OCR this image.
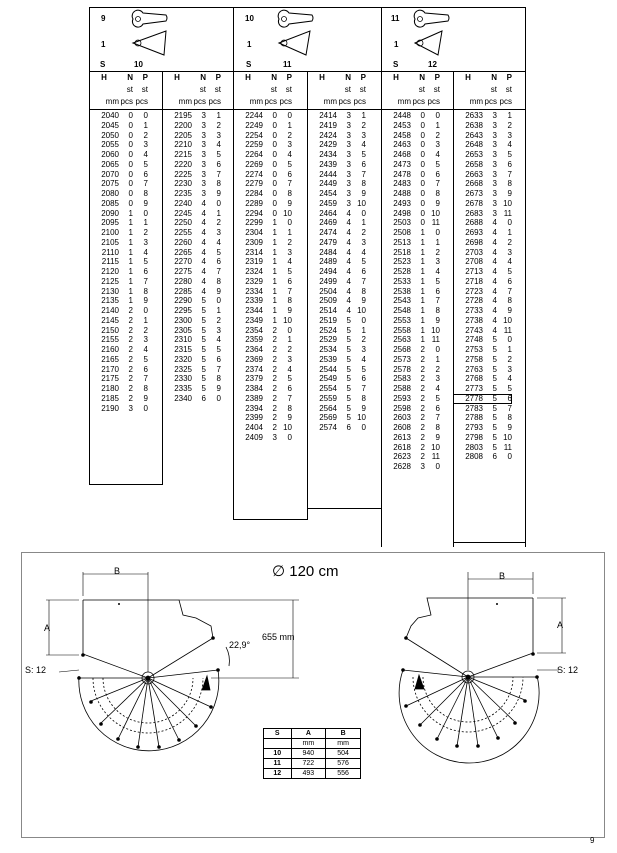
9
1
S	10
10
1
S	11
11
1
S	12
H	N P
st st
mm pcs pcs
H	N P
st st
mm pcs pcs
H	N P
st st
mm pcs pcs
H	N P
st st
mm pcs pcs
H	N P
st st
mm pcs pcs
H	N P
st st
mm pcs pcs
2040 0 0
2045 0 1
2050 0 2
2055 0 3
2060 0 4
2065 0 5
2070 0 6
2075 0 7
2080 0 8
2085 0 9
2090 1 0
2095 1 1
2100 1 2
2105 1 3
2110 1 4
2115 1 5
2120 1 6
2125 1 7
2130 1 8
2135 1 9
2140 2 0
2145 2 1
2150 2 2
2155 2 3
2160 2 4
2165 2 5
2170 2 6
2175 2 7
2180 2 8
2185 2 9
2190 3 0
2195 3 1
2200 3 2
2205 3 3
2210 3 4
2215 3 5
2220 3 6
2225 3 7
2230 3 8
2235 3 9
2240 4 0
2245 4 1
2250 4 2
2255 4 3
2260 4 4
2265 4 5
2270 4 6
2275 4 7
2280 4 8
2285 4 9
2290 5 0
2295 5 1
2300 5 2
2305 5 3
2310 5 4
2315 5 5
2320 5 6
2325 5 7
2330 5 8
2335 5 9
2340 6 0
2244 0 0
2249 0 1
2254 0 2
2259 0 3
2264 0 4
2269 0 5
2274 0 6
2279 0 7
2284 0 8
2289 0 9
2294 0 10
2299 1 0
2304 1 1
2309 1 2
2314 1 3
2319 1 4
2324 1 5
2329 1 6
2334 1 7
2339 1 8
2344 1 9
2349 1 10
2354 2 0
2359 2 1
2364 2 2
2369 2 3
2374 2 4
2379 2 5
2384 2 6
2389 2 7
2394 2 8
2399 2 9
2404 2 10
2409 3 0
2414 3 1
2419 3 2
2424 3 3
2429 3 4
2434 3 5
2439 3 6
2444 3 7
2449 3 8
2454 3 9
2459 3 10
2464 4 0
2469 4 1
2474 4 2
2479 4 3
2484 4 4
2489 4 5
2494 4 6
2499 4 7
2504 4 8
2509 4 9
2514 4 10
2519 5 0
2524 5 1
2529 5 2
2534 5 3
2539 5 4
2544 5 5
2549 5 6
2554 5 7
2559 5 8
2564 5 9
2569 5 10
2574 6 0
2448 0 0
2453 0 1
2458 0 2
2463 0 3
2468 0 4
2473 0 5
2478 0 6
2483 0 7
2488 0 8
2493 0 9
2498 0 10
2503 0 11
2508 1 0
2513 1 1
2518 1 2
2523 1 3
2528 1 4
2533 1 5
2538 1 6
2543 1 7
2548 1 8
2553 1 9
2558 1 10
2563 1 11
2568 2 0
2573 2 1
2578 2 2
2583 2 3
2588 2 4
2593 2 5
2598 2 6
2603 2 7
2608 2 8
2613 2 9
2618 2 10
2623 2 11
2628 3 0
2633 3 1
2638 3 2
2643 3 3
2648 3 4
2653 3 5
2658 3 6
2663 3 7
2668 3 8
2673 3 9
2678 3 10
2683 3 11
2688 4 0
2693 4 1
2698 4 2
2703 4 3
2708 4 4
2713 4 5
2718 4 6
2723 4 7
2728 4 8
2733 4 9
2738 4 10
2743 4 11
2748 5 0
2753 5 1
2758 5 2
2763 5 3
2768 5 4
2773 5 5
2778 5 6
2783 5 7
2788 5 8
2793 5 9
2798 5 10
2803 5 11
2808 6 0
∅ 120 cm
B
A
S: 12
22,9°
655 mm
B
A
S: 12
S	A	B
	mm	mm
10	940	504
11	722	576
12	493	556
9
